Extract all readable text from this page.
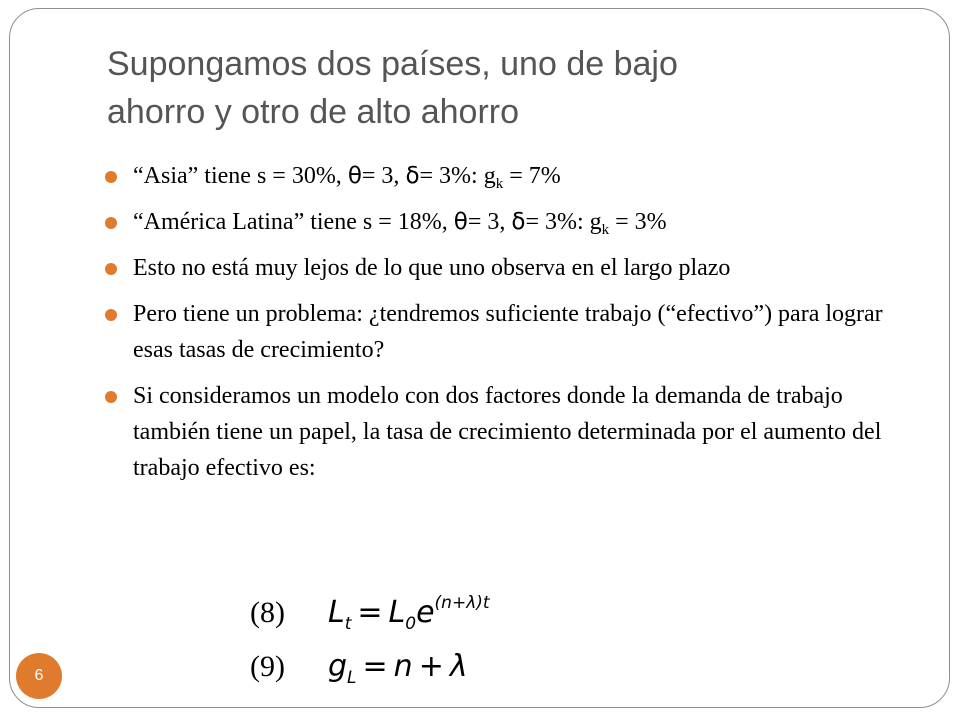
Supongamos dos países, uno de bajo
ahorro y otro de alto ahorro
“Asia” tiene s = 30%, θ= 3, δ= 3%: $g_k = 7\%$
“América Latina” tiene s = 18%, θ= 3, δ= 3%: $g_k = 3\%$
Esto no está muy lejos de lo que uno observa en el largo plazo
Pero tiene un problema: ¿tendremos suficiente trabajo (“efectivo”) para lograr esas tasas de crecimiento?
Si consideramos un modelo con dos factores donde la demanda de trabajo también tiene un papel, la tasa de crecimiento determinada por el aumento del trabajo efectivo es:
(8) $L_t = L_0e^{(n+\lambda)t}$
(9) $g_L = n + \lambda$
6
